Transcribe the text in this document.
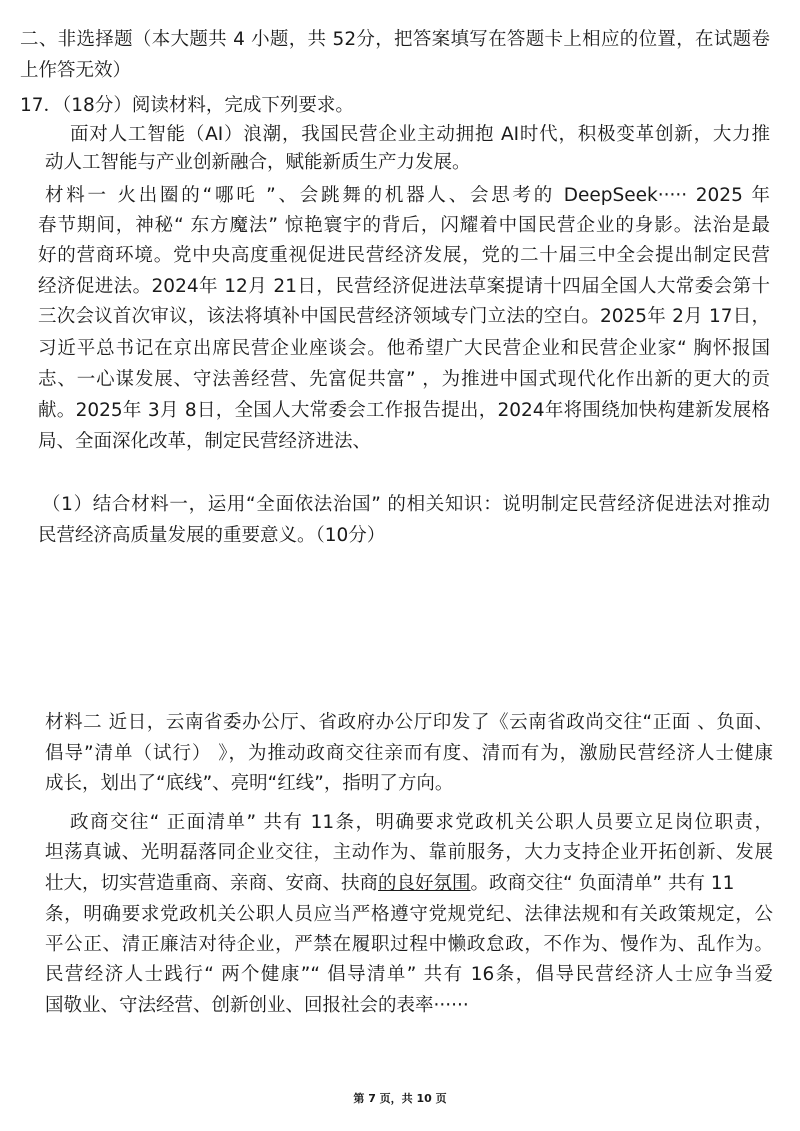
二、非选择题（本大题共 4 小题，共 52分，把答案填写在答题卡上相应的位置，在试题卷
上作答无效）
17．（18分）阅读材料，完成下列要求。
面对人工智能（AI）浪潮，我国民营企业主动拥抱 AI时代，积极变革创新，大力推
动人工智能与产业创新融合，赋能新质生产力发展。
材料一 火出圈的“哪吒 ”、会跳舞的机器人、会思考的 DeepSeek····· 2025 年
春节期间，神秘“ 东方魔法” 惊艳寰宇的背后，闪耀着中国民营企业的身影。法治是最
好的营商环境。党中央高度重视促进民营经济发展，党的二十届三中全会提出制定民营
经济促进法。2024年 12月 21日，民营经济促进法草案提请十四届全国人大常委会第十
三次会议首次审议，该法将填补中国民营经济领域专门立法的空白。2025年 2月 17日，
习近平总书记在京出席民营企业座谈会。他希望广大民营企业和民营企业家“ 胸怀报国
志、一心谋发展、守法善经营、先富促共富” ，为推进中国式现代化作出新的更大的贡
献。2025年 3月 8日，全国人大常委会工作报告提出，2024年将围绕加快构建新发展格
局、全面深化改革，制定民营经济进法、
（1）结合材料一，运用“全面依法治国” 的相关知识：说明制定民营经济促进法对推动
民营经济高质量发展的重要意义。（10分）
材料二 近日，云南省委办公厅、省政府办公厅印发了《云南省政尚交往“正面 、负面、
倡导”清单（试行） 》，为推动政商交往亲而有度、清而有为，激励民营经济人士健康
成长，划出了“底线”、亮明“红线”，指明了方向。
政商交往“ 正面清单” 共有 11条，明确要求党政机关公职人员要立足岗位职责，
坦荡真诚、光明磊落同企业交往，主动作为、靠前服务，大力支持企业开拓创新、发展
壮大，切实营造重商、亲商、安商、扶商的良好氛围。政商交往“ 负面清单” 共有 11
条，明确要求党政机关公职人员应当严格遵守党规党纪、法律法规和有关政策规定，公
平公正、清正廉洁对待企业，严禁在履职过程中懒政怠政，不作为、慢作为、乱作为。
民营经济人士践行“ 两个健康”“ 倡导清单” 共有 16条，倡导民营经济人士应争当爱
国敬业、守法经营、创新创业、回报社会的表率······
第 7 页，共 10 页
